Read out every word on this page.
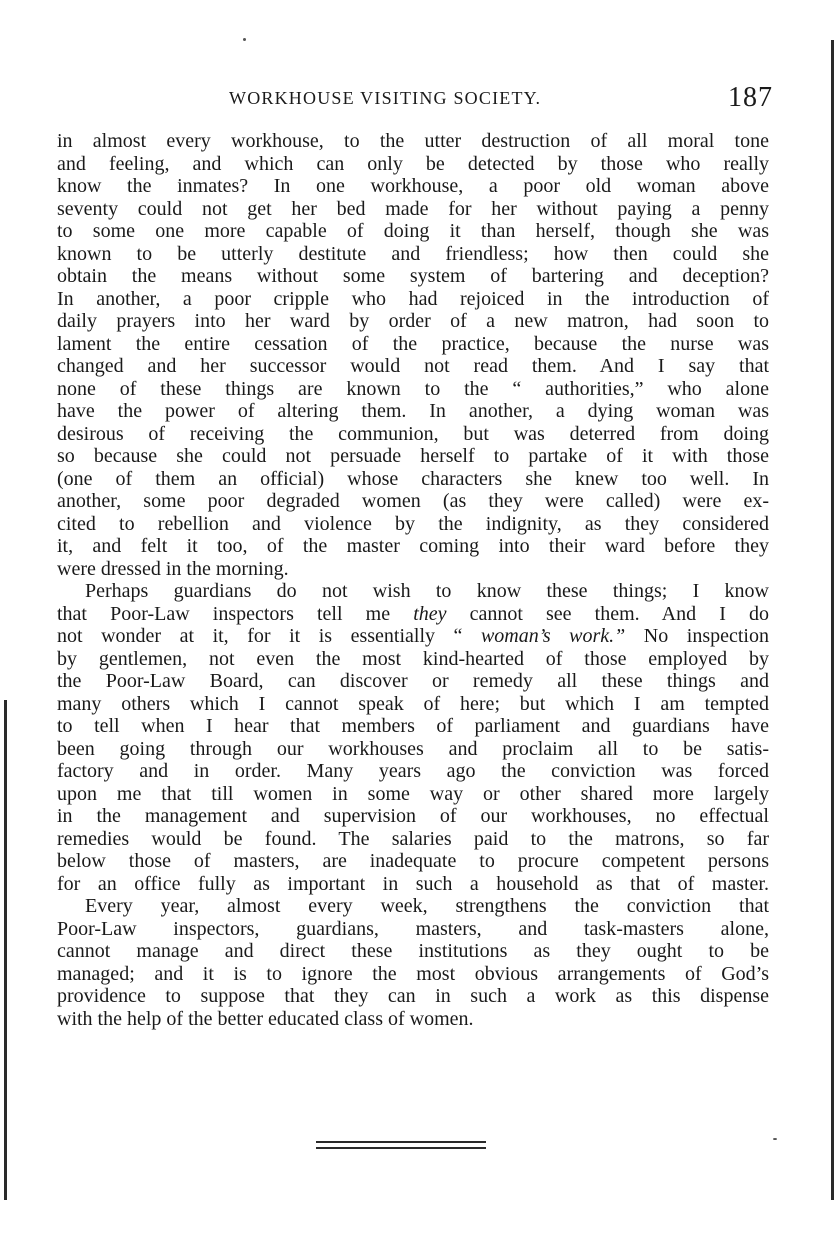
WORKHOUSE VISITING SOCIETY.	187
in almost every workhouse, to the utter destruction of all moral tone
and feeling, and which can only be detected by those who really
know the inmates? In one workhouse, a poor old woman above
seventy could not get her bed made for her without paying a penny
to some one more capable of doing it than herself, though she was
known to be utterly destitute and friendless; how then could she
obtain the means without some system of bartering and deception?
In another, a poor cripple who had rejoiced in the introduction of
daily prayers into her ward by order of a new matron, had soon to
lament the entire cessation of the practice, because the nurse was
changed and her successor would not read them. And I say that
none of these things are known to the “ authorities,” who alone
have the power of altering them. In another, a dying woman was
desirous of receiving the communion, but was deterred from doing
so because she could not persuade herself to partake of it with those
(one of them an official) whose characters she knew too well. In
another, some poor degraded women (as they were called) were ex-
cited to rebellion and violence by the indignity, as they considered
it, and felt it too, of the master coming into their ward before they
were dressed in the morning.
Perhaps guardians do not wish to know these things; I know
that Poor-Law inspectors tell me they cannot see them. And I do
not wonder at it, for it is essentially “ woman’s work.” No inspection
by gentlemen, not even the most kind-hearted of those employed by
the Poor-Law Board, can discover or remedy all these things and
many others which I cannot speak of here; but which I am tempted
to tell when I hear that members of parliament and guardians have
been going through our workhouses and proclaim all to be satis-
factory and in order. Many years ago the conviction was forced
upon me that till women in some way or other shared more largely
in the management and supervision of our workhouses, no effectual
remedies would be found. The salaries paid to the matrons, so far
below those of masters, are inadequate to procure competent persons
for an office fully as important in such a household as that of master.
Every year, almost every week, strengthens the conviction that
Poor-Law inspectors, guardians, masters, and task-masters alone,
cannot manage and direct these institutions as they ought to be
managed; and it is to ignore the most obvious arrangements of God’s
providence to suppose that they can in such a work as this dispense
with the help of the better educated class of women.
